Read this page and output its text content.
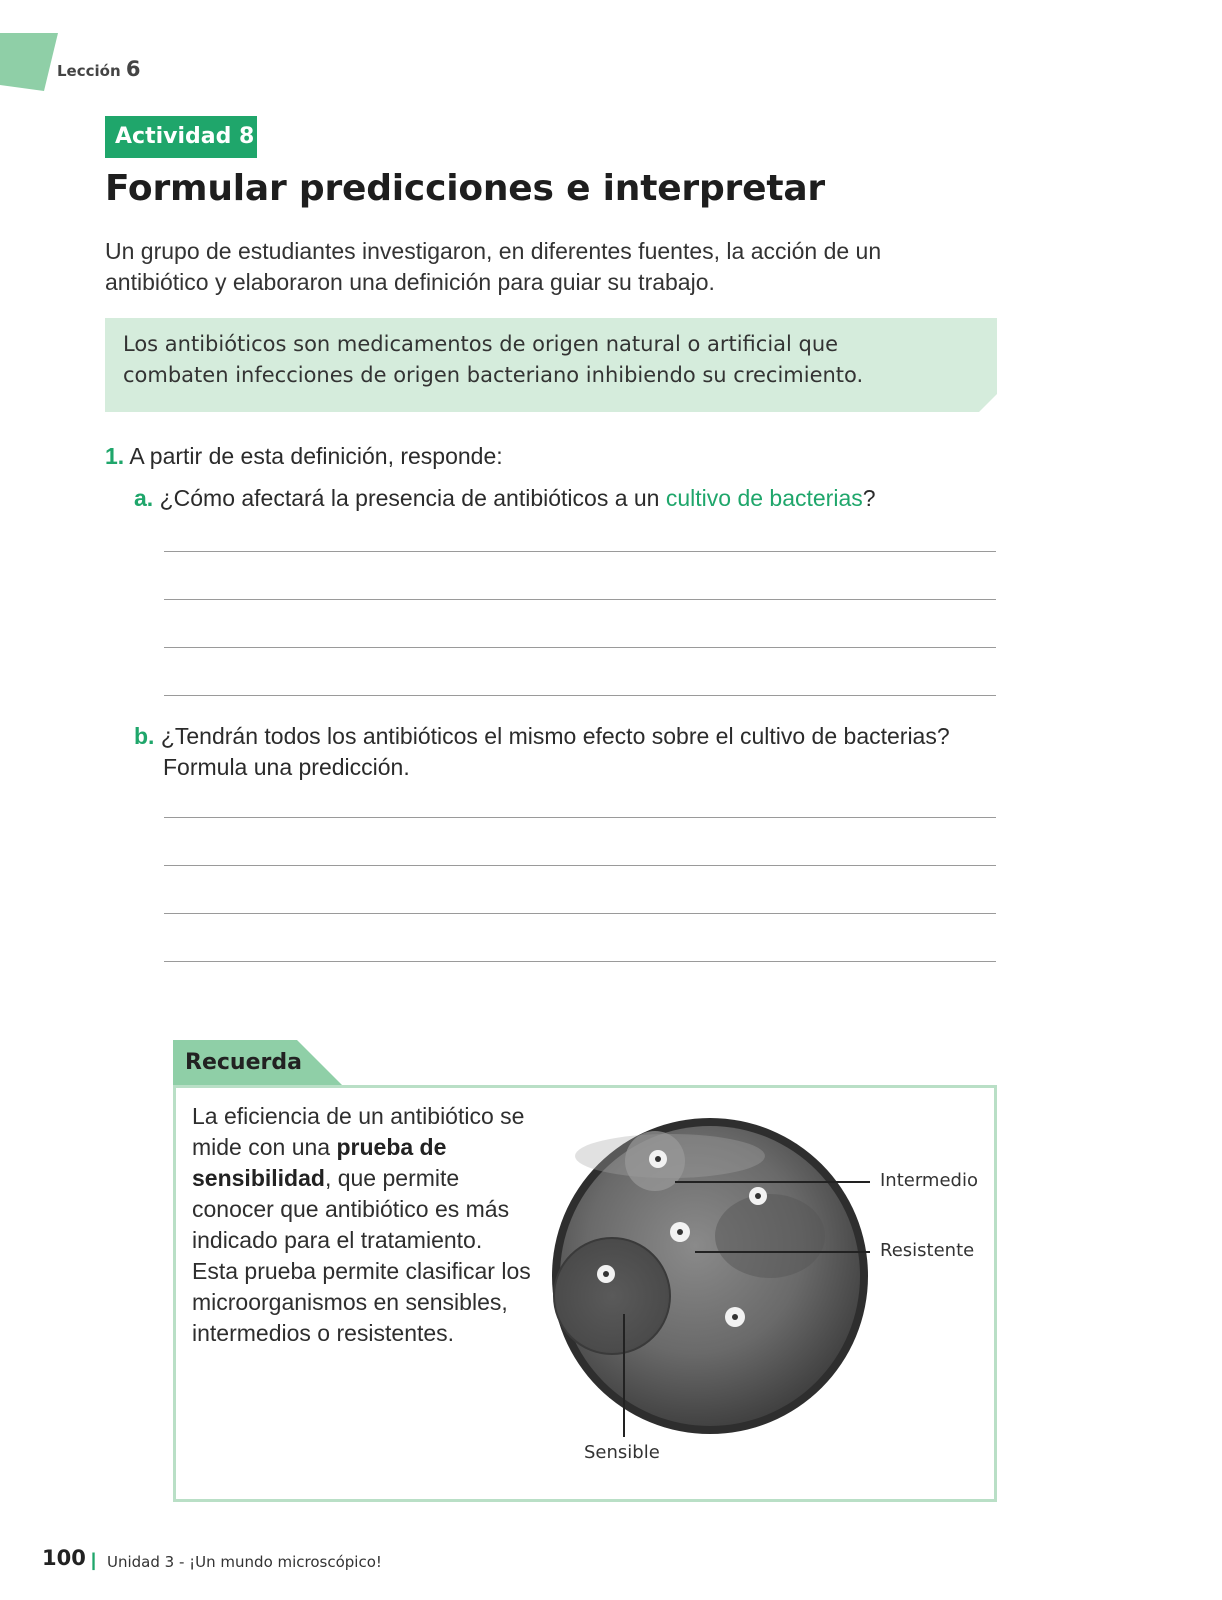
Lección 6
Actividad 8
Formular predicciones e interpretar

Un grupo de estudiantes investigaron, en diferentes fuentes, la acción de un antibiótico y elaboraron una definición para guiar su trabajo.

Los antibióticos son medicamentos de origen natural o artificial que
combaten infecciones de origen bacteriano inhibiendo su crecimiento.
1. A partir de esta definición, responde:
a. ¿Cómo afectará la presencia de antibióticos a un cultivo de bacterias?
b. ¿Tendrán todos los antibióticos el mismo efecto sobre el cultivo de bacterias?
Formula una predicción.
Recuerda

La eficiencia de un antibiótico se mide con una prueba de sensibilidad, que permite conocer que antibiótico es más indicado para el tratamiento. Esta prueba permite clasificar los microorganismos en sensibles, intermedios o resistentes.

Intermedio
Resistente
Sensible
100 | Unidad 3 - ¡Un mundo microscópico!
